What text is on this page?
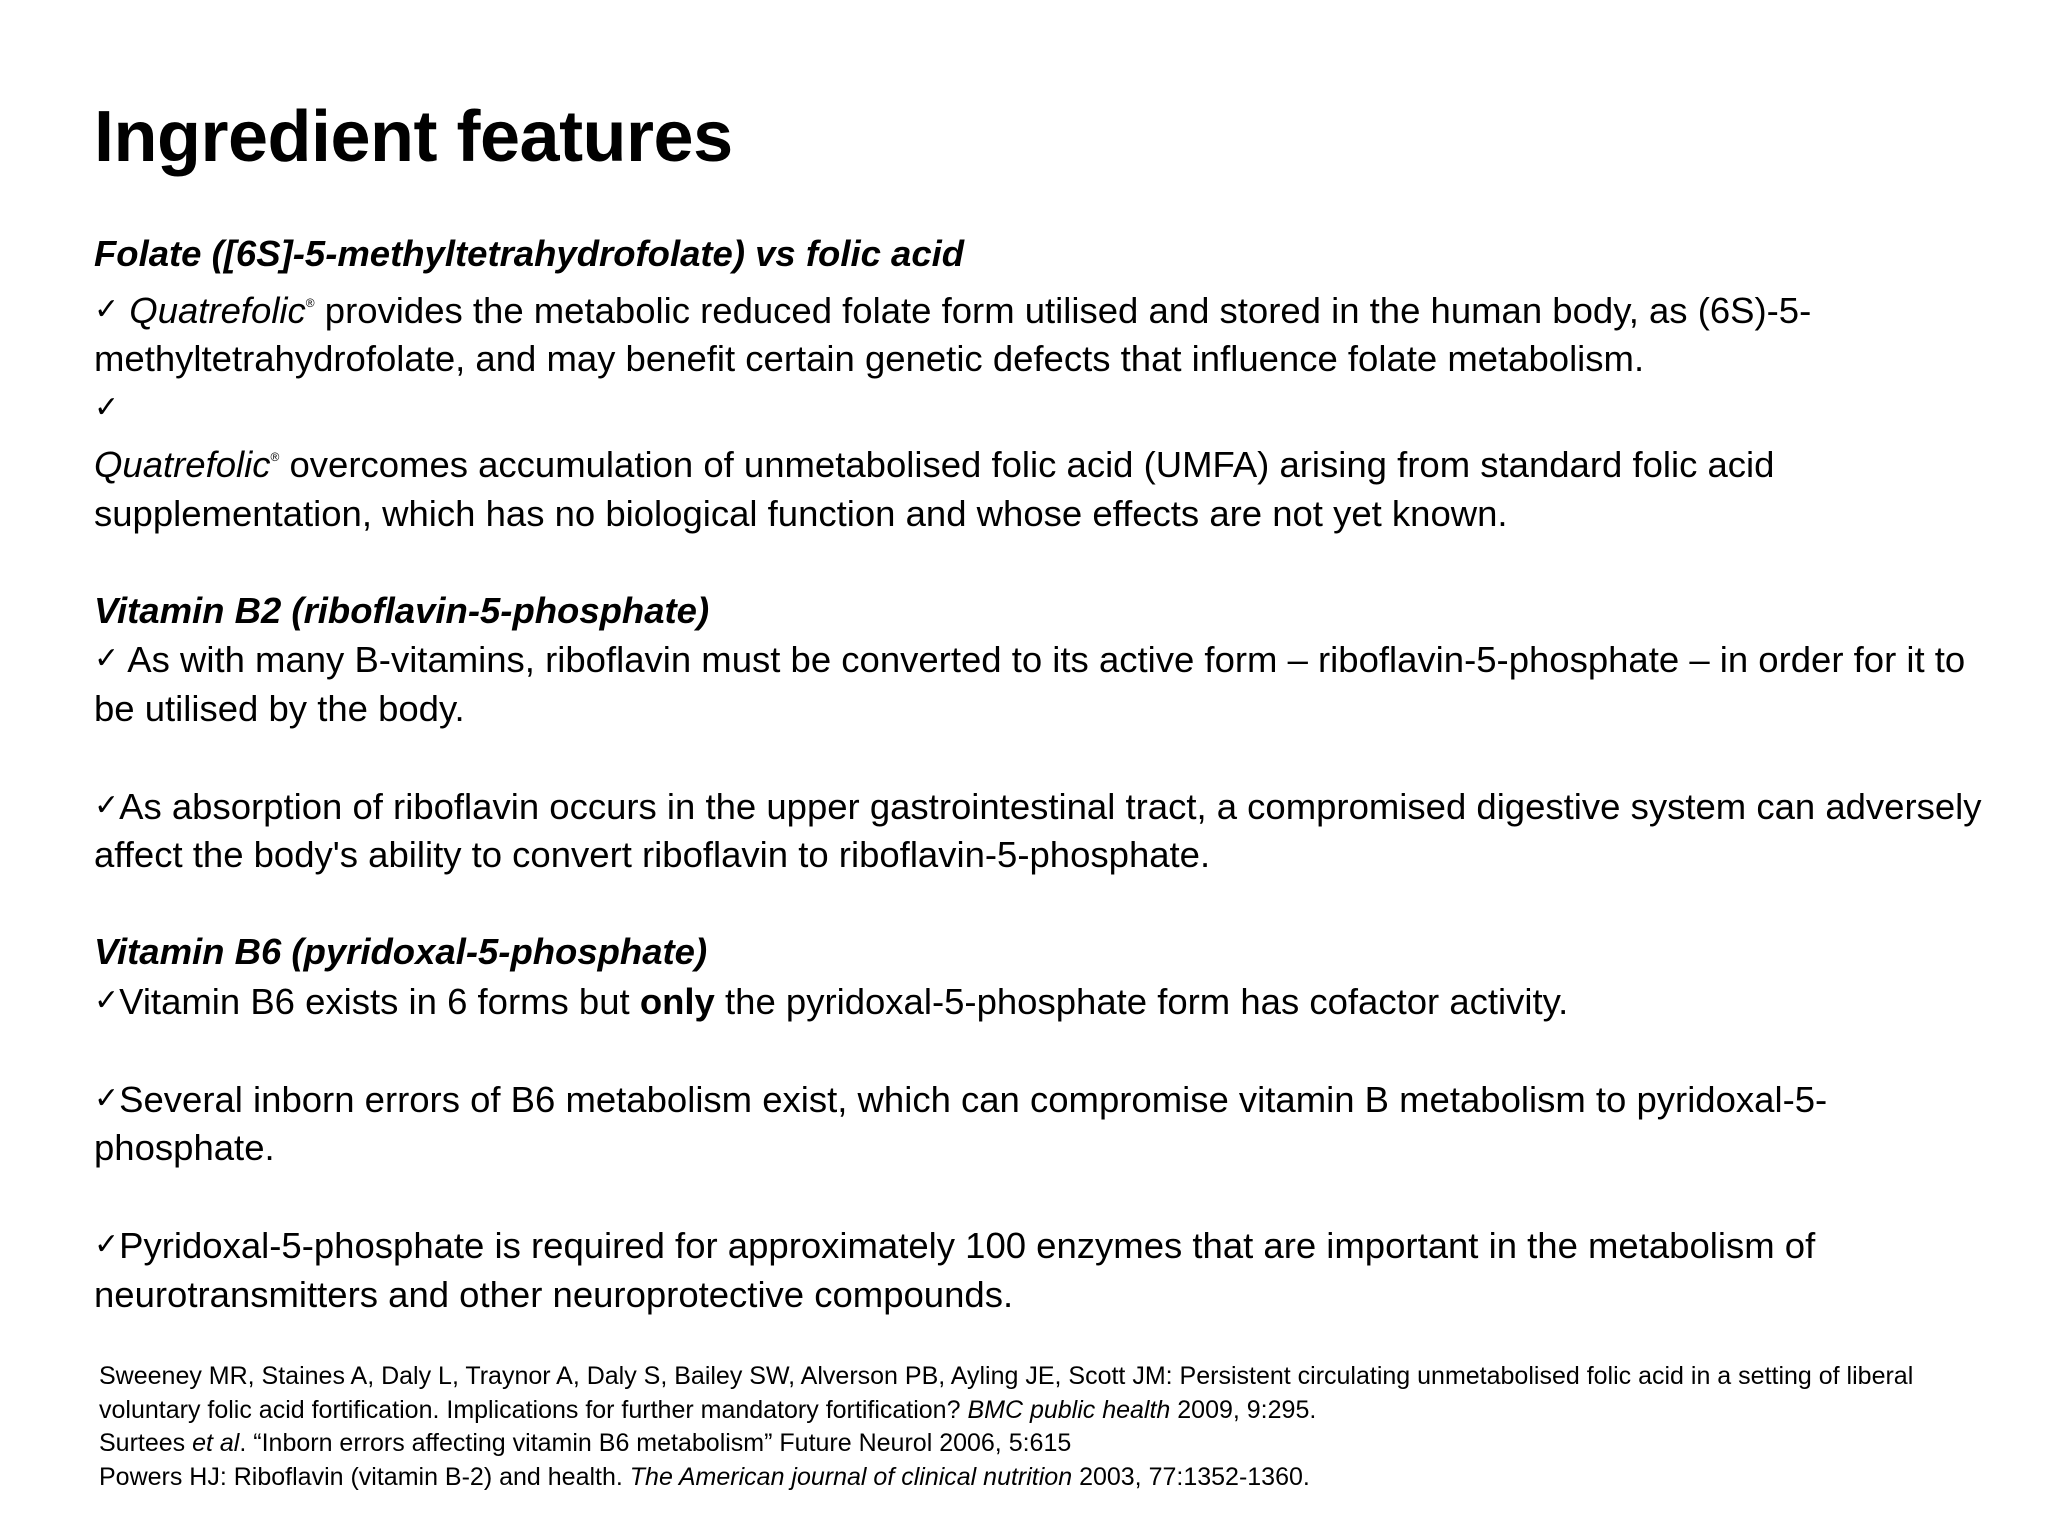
Ingredient features

Folate ([6S]-5-methyltetrahydrofolate) vs folic acid

✓ Quatrefolic® provides the metabolic reduced folate form utilised and stored in the human body, as (6S)-5-methyltetrahydrofolate, and may benefit certain genetic defects that influence folate metabolism.

✓

Quatrefolic® overcomes accumulation of unmetabolised folic acid (UMFA) arising from standard folic acid supplementation, which has no biological function and whose effects are not yet known.

Vitamin B2 (riboflavin-5-phosphate)

✓ As with many B-vitamins, riboflavin must be converted to its active form – riboflavin-5-phosphate – in order for it to be utilised by the body.

✓As absorption of riboflavin occurs in the upper gastrointestinal tract, a compromised digestive system can adversely affect the body's ability to convert riboflavin to riboflavin-5-phosphate.

Vitamin B6 (pyridoxal-5-phosphate)

✓Vitamin B6 exists in 6 forms but only the pyridoxal-5-phosphate form has cofactor activity.

✓Several inborn errors of B6 metabolism exist, which can compromise vitamin B metabolism to pyridoxal-5-phosphate.

✓Pyridoxal-5-phosphate is required for approximately 100 enzymes that are important in the metabolism of neurotransmitters and other neuroprotective compounds.

Sweeney MR, Staines A, Daly L, Traynor A, Daly S, Bailey SW, Alverson PB, Ayling JE, Scott JM: Persistent circulating unmetabolised folic acid in a setting of liberal voluntary folic acid fortification. Implications for further mandatory fortification? BMC public health 2009, 9:295.

Surtees et al. “Inborn errors affecting vitamin B6 metabolism” Future Neurol 2006, 5:615

Powers HJ: Riboflavin (vitamin B-2) and health. The American journal of clinical nutrition 2003, 77:1352-1360.
